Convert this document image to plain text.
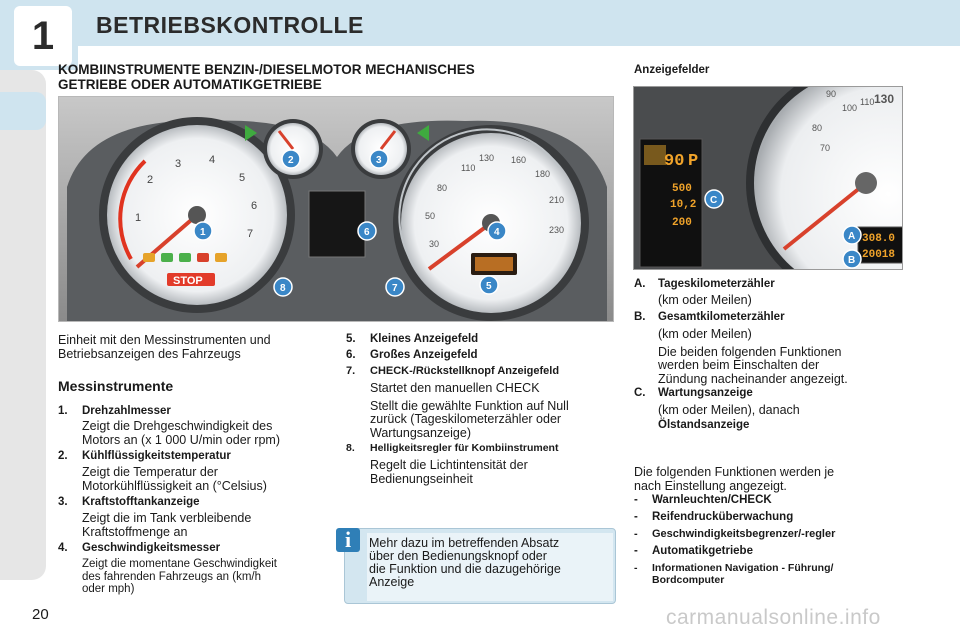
1	BETRIEBSKONTROLLE
KOMBIINSTRUMENTE BENZIN-/DIESELMOTOR MECHANISCHES
GETRIEBE ODER AUTOMATIKGETRIEBE
Anzeigefelder
1
2
3	4
5
6
7
STOP
30
50
80
110
130 160
180
210
230
1
2	3
4
5
6
7
8
80
70
90
100
110 130
90 P
500
10,2
200
308.0
20018
C
A
B
Einheit mit den Messinstrumenten und
Betriebsanzeigen des Fahrzeugs
Messinstrumente
1. Drehzahlmesser
Zeigt die Drehgeschwindigkeit des
Motors an (x 1 000 U/min oder rpm)
2. Kühlflüssigkeitstemperatur
Zeigt die Temperatur der
Motorkühlflüssigkeit an (°Celsius)
3. Kraftstofftankanzeige
Zeigt die im Tank verbleibende
Kraftstoffmenge an
4. Geschwindigkeitsmesser
Zeigt die momentane Geschwindigkeit
des fahrenden Fahrzeugs an (km/h
oder mph)
5. Kleines Anzeigefeld
6. Großes Anzeigefeld
7. CHECK-/Rückstellknopf Anzeigefeld
Startet den manuellen CHECK
Stellt die gewählte Funktion auf Null
zurück (Tageskilometerzähler oder
Wartungsanzeige)
8. Helligkeitsregler für Kombiinstrument
Regelt die Lichtintensität der
Bedienungseinheit
i	Mehr dazu im betreffenden Absatz
über den Bedienungsknopf oder
die Funktion und die dazugehörige
Anzeige
A. Tageskilometerzähler
(km oder Meilen)
B. Gesamtkilometerzähler
(km oder Meilen)
Die beiden folgenden Funktionen
werden beim Einschalten der
Zündung nacheinander angezeigt.
C. Wartungsanzeige
(km oder Meilen), danach
Ölstandsanzeige
Die folgenden Funktionen werden je
nach Einstellung angezeigt.
- Warnleuchten/CHECK
- Reifendrucküberwachung
- Geschwindigkeitsbegrenzer/-regler
- Automatikgetriebe
- Informationen Navigation - Führung/
Bordcomputer
20	carmanualsonline.info
